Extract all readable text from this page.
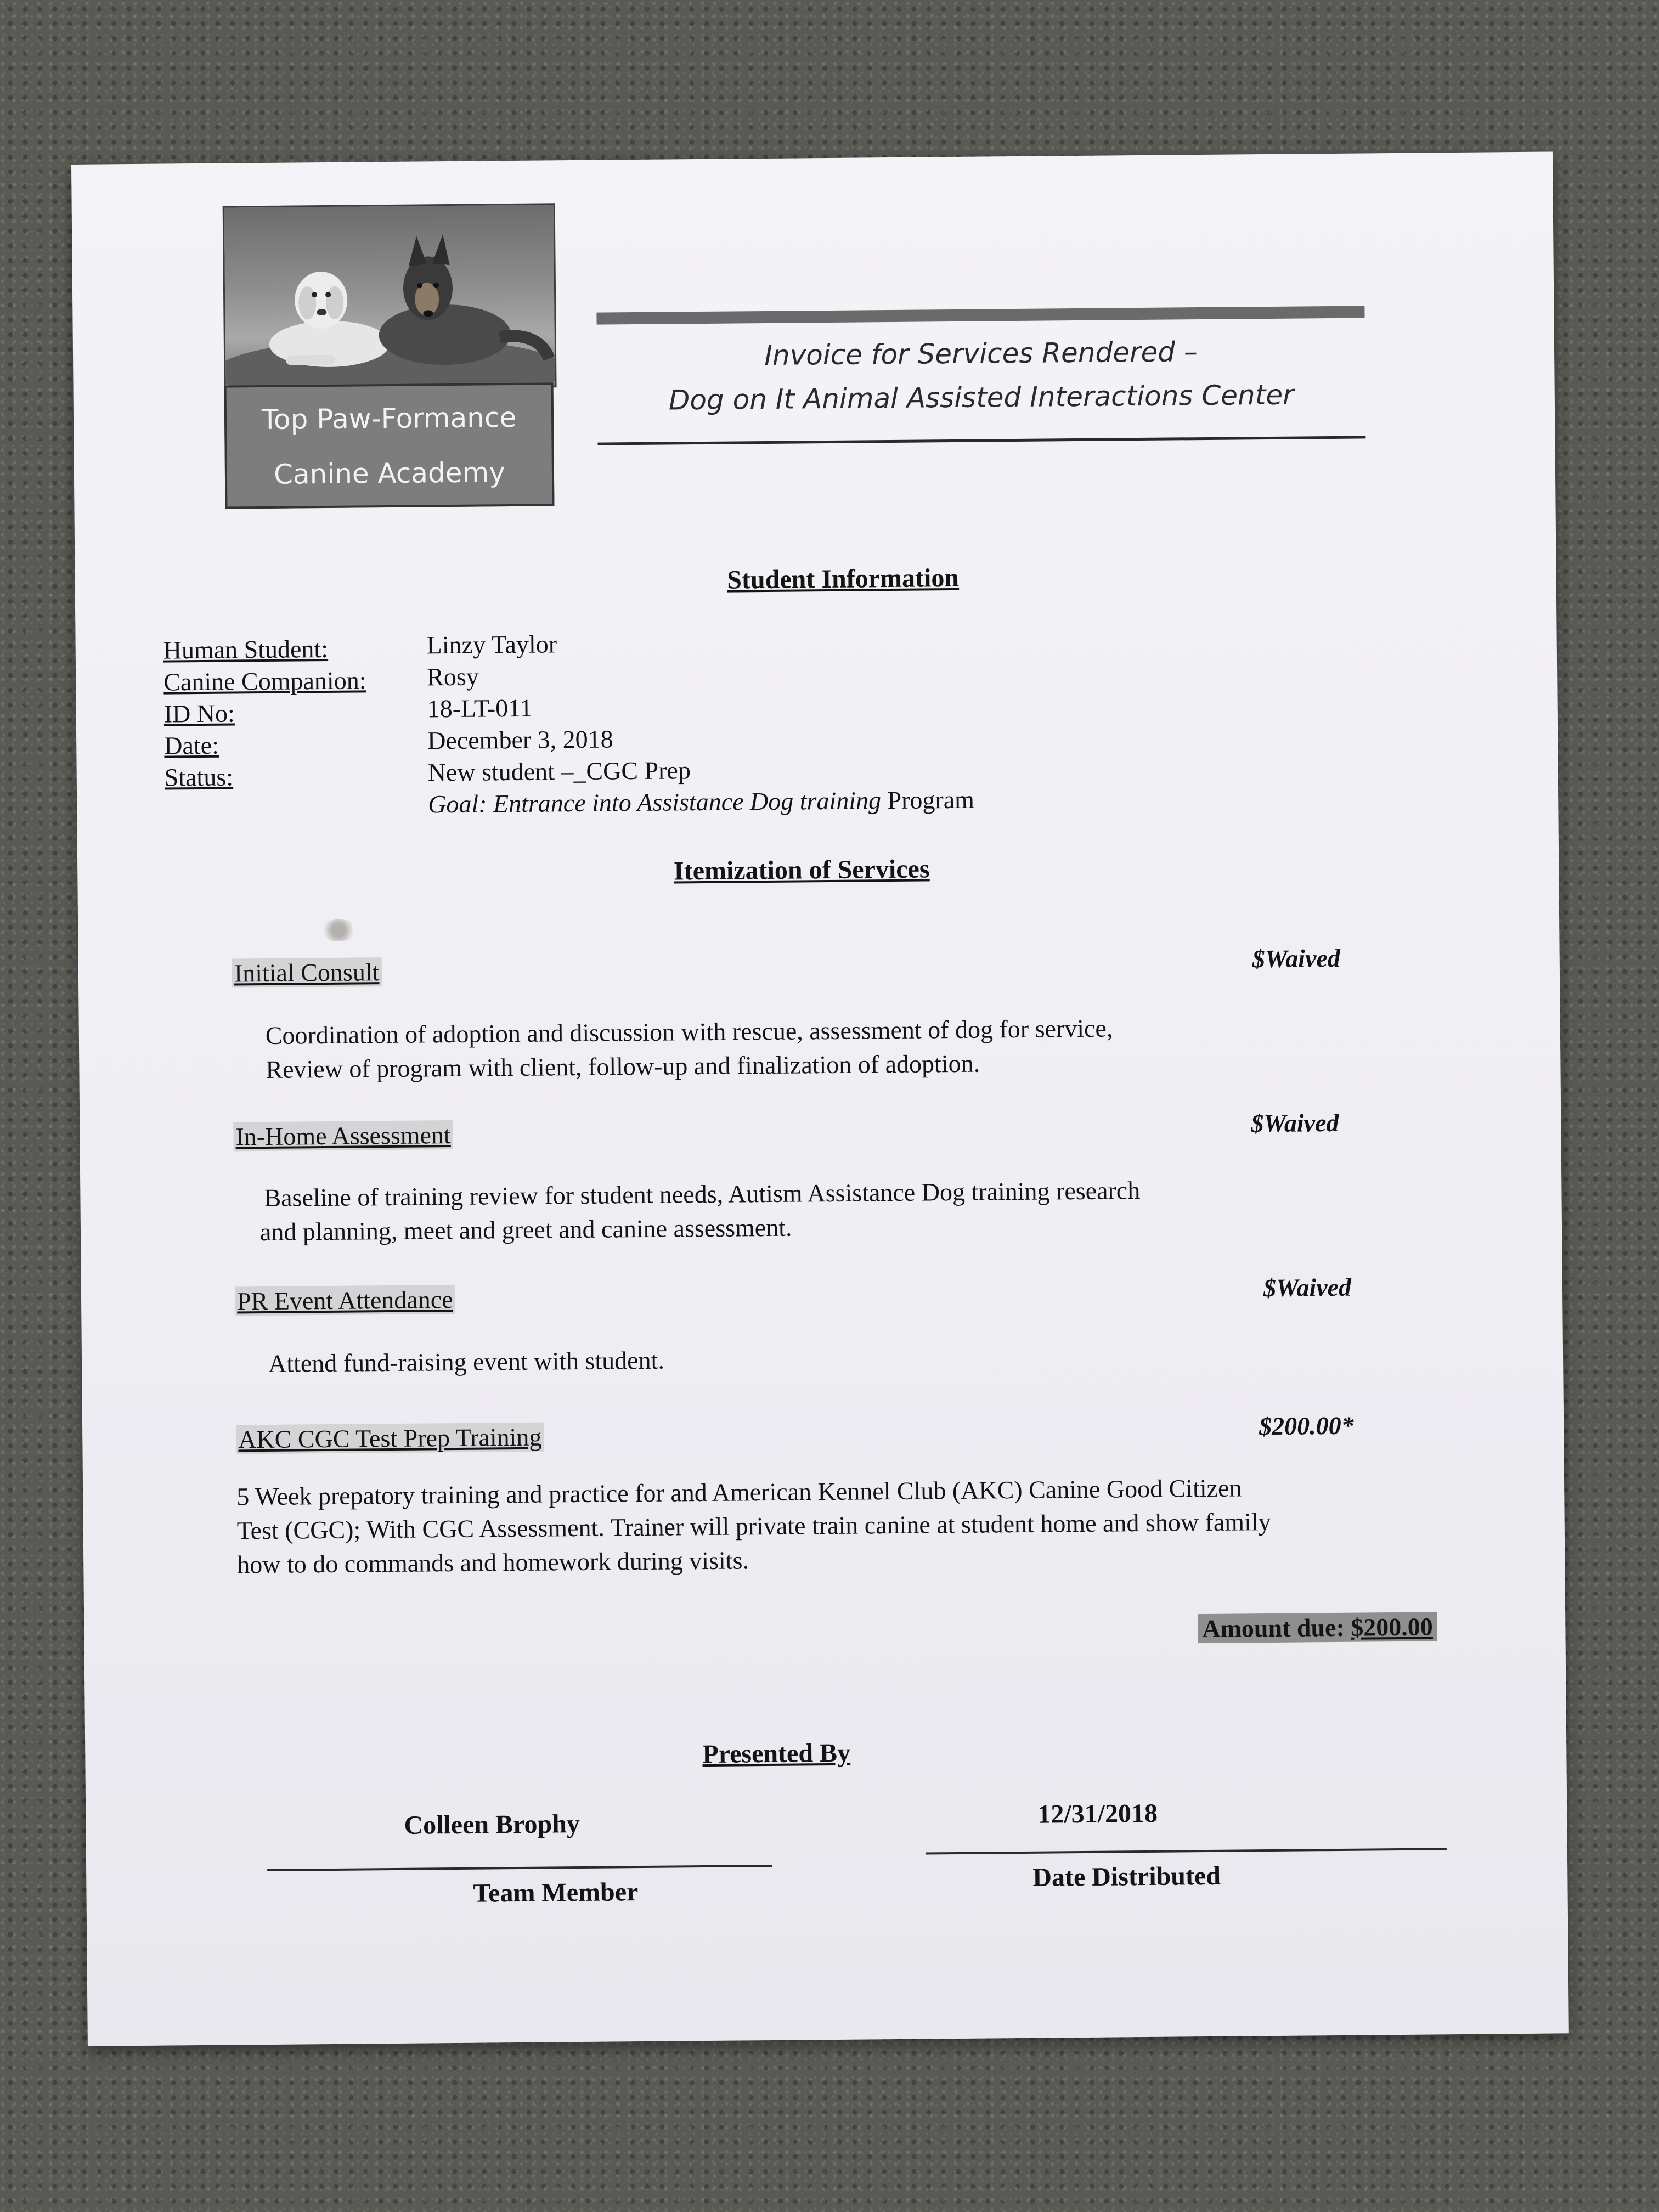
Top Paw-Formance
Canine Academy
Invoice for Services Rendered –
Dog on It Animal Assisted Interactions Center
Student Information
Human Student:	Linzy Taylor
Canine Companion: Rosy
ID No:	18-LT-011
Date:	December 3, 2018
Status:	New student –_CGC Prep
Goal: Entrance into Assistance Dog training Program
Itemization of Services
Initial Consult	$Waived
Coordination of adoption and discussion with rescue, assessment of dog for service,
Review of program with client, follow-up and finalization of adoption.
In-Home Assessment	$Waived
Baseline of training review for student needs, Autism Assistance Dog training research
and planning, meet and greet and canine assessment.
PR Event Attendance	$Waived
Attend fund-raising event with student.
AKC CGC Test Prep Training	$200.00*
5 Week prepatory training and practice for and American Kennel Club (AKC) Canine Good Citizen
Test (CGC); With CGC Assessment. Trainer will private train canine at student home and show family
how to do commands and homework during visits.
Amount due: $200.00
Presented By
Colleen Brophy
Team Member
12/31/2018
Date Distributed
